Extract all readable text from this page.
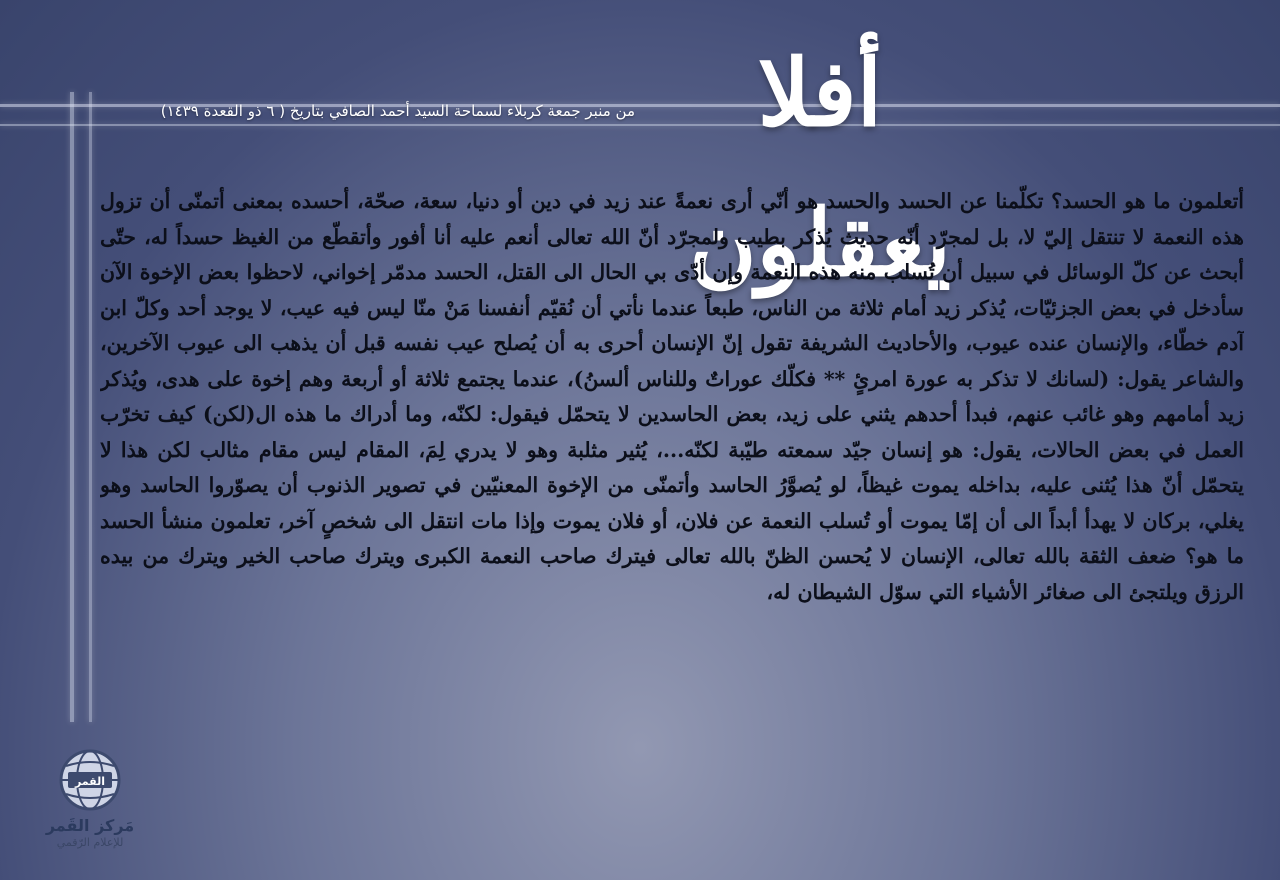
أفلا يعقلون
من منبر جمعة كربلاء لسماحة السيد أحمد الصافي بتاريخ ( ٦ ذو القعدة ١٤٣٩)
أتعلمون ما هو الحسد؟ تكلّمنا عن الحسد والحسد هو أنّي أرى نعمةً عند زيد في دين أو دنيا، سعة، صحّة، أحسده بمعنى أتمنّى أن تزول هذه النعمة لا تنتقل إليّ لا، بل لمجرّد أنّه حديث يُذكر بطيب ولمجرّد أنّ الله تعالى أنعم عليه أنا أفور وأتقطّع من الغيظ حسداً له، حتّى أبحث عن كلّ الوسائل في سبيل أن تُسلب منه هذه النعمة وإن أدّى بي الحال الى القتل، الحسد مدمّر إخواني، لاحظوا بعض الإخوة الآن سأدخل في بعض الجزئيّات، يُذكر زيد أمام ثلاثة من الناس، طبعاً عندما نأتي أن نُقيّم أنفسنا مَنْ منّا ليس فيه عيب، لا يوجد أحد وكلّ ابن آدم خطّاء، والإنسان عنده عيوب، والأحاديث الشريفة تقول إنّ الإنسان أحرى به أن يُصلح عيب نفسه قبل أن يذهب الى عيوب الآخرين، والشاعر يقول: (لسانك لا تذكر به عورة امرئٍ ** فكلّك عوراتٌ وللناس ألسنُ)، عندما يجتمع ثلاثة أو أربعة وهم إخوة على هدى، ويُذكر زيد أمامهم وهو غائب عنهم، فبدأ أحدهم يثني على زيد، بعض الحاسدين لا يتحمّل فيقول: لكنّه، وما أدراك ما هذه ال(لكن) كيف تخرّب العمل في بعض الحالات، يقول: هو إنسان جيّد سمعته طيّبة لكنّه...، يُثير مثلبة وهو لا يدري لِمَ، المقام ليس مقام مثالب لكن هذا لا يتحمّل أنّ هذا يُثنى عليه، بداخله يموت غيظاً، لو يُصوَّرُ الحاسد وأتمنّى من الإخوة المعنيّين في تصوير الذنوب أن يصوّروا الحاسد وهو يغلي، بركان لا يهدأ أبداً الى أن إمّا يموت أو تُسلب النعمة عن فلان، أو فلان يموت وإذا مات انتقل الى شخصٍ آخر، تعلمون منشأ الحسد ما هو؟ ضعف الثقة بالله تعالى، الإنسان لا يُحسن الظنّ بالله تعالى فيترك صاحب النعمة الكبرى ويترك صاحب الخير ويترك من بيده الرزق ويلتجئ الى صغائر الأشياء التي سوّل الشيطان له،
القمر
مَركز القَمر
للإعلام الرّقمي
